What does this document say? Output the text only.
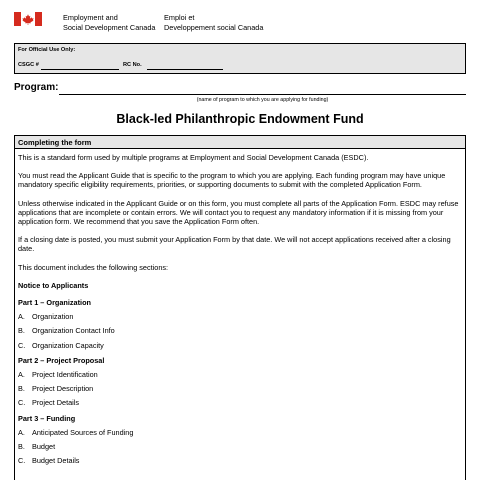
Employment and
Social Development Canada
Emploi et
Developpement social Canada
For Official Use Only:
CSGC #	RC No.
Program:
(name of program to which you are applying for funding)
Black-led Philanthropic Endowment Fund
Completing the form
This is a standard form used by multiple programs at Employment and Social Development Canada (ESDC).
You must read the Applicant Guide that is specific to the program to which you are applying. Each funding program may have unique mandatory specific eligibility requirements, priorities, or supporting documents to submit with the completed Application Form.
Unless otherwise indicated in the Applicant Guide or on this form, you must complete all parts of the Application Form. ESDC may refuse applications that are incomplete or contain errors. We will contact you to request any mandatory information if it is missing from your application form. We recommend that you save the Application Form often.
If a closing date is posted, you must submit your Application Form by that date. We will not accept applications received after a closing date.
This document includes the following sections:
Notice to Applicants
Part 1 – Organization
A. Organization
B. Organization Contact Info
C. Organization Capacity
Part 2 – Project Proposal
A. Project Identification
B. Project Description
C. Project Details
Part 3 – Funding
A. Anticipated Sources of Funding
B. Budget
C. Budget Details
